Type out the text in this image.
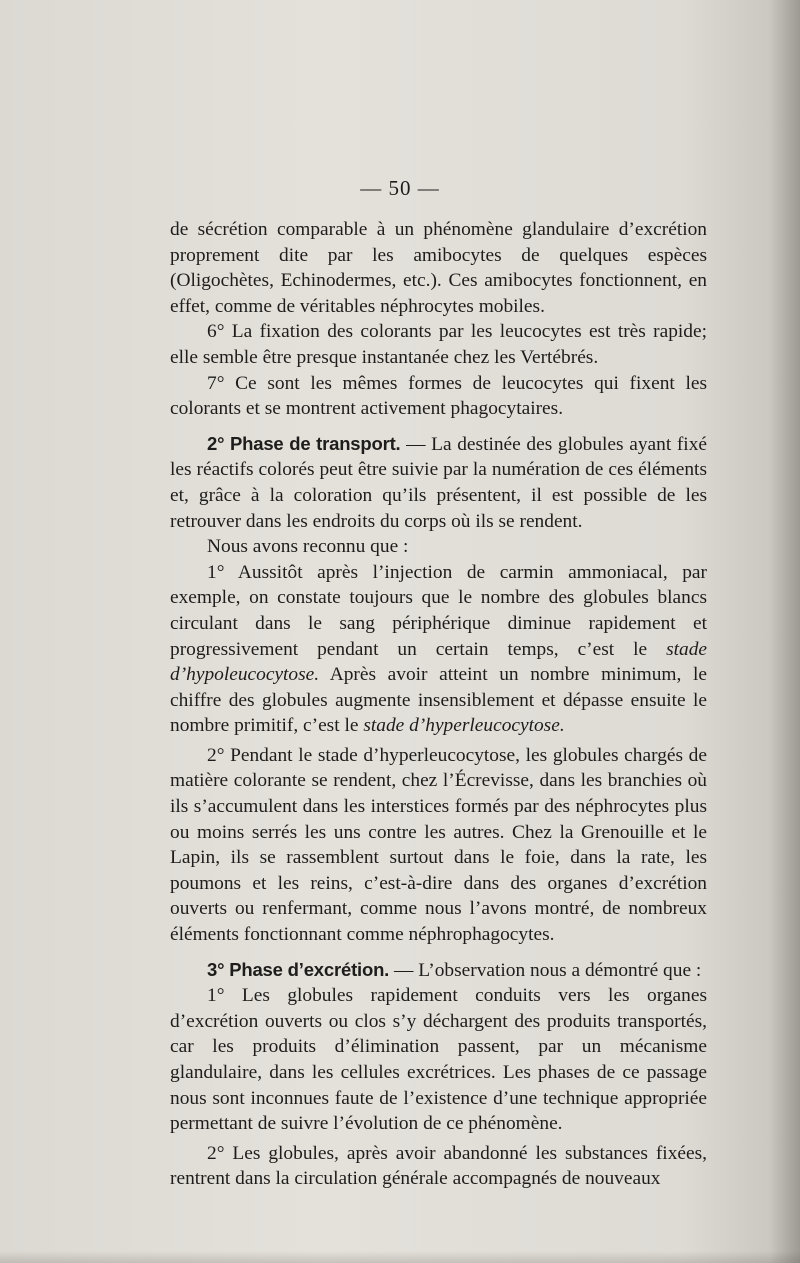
— 50 —

de sécrétion comparable à un phénomène glandulaire d’excrétion proprement dite par les amibocytes de quelques espèces (Oligochètes, Echinodermes, etc.). Ces amibocytes fonctionnent, en effet, comme de véritables néphrocytes mobiles.

6° La fixation des colorants par les leucocytes est très rapide; elle semble être presque instantanée chez les Vertébrés.

7° Ce sont les mêmes formes de leucocytes qui fixent les colorants et se montrent activement phagocytaires.

2° Phase de transport. — La destinée des globules ayant fixé les réactifs colorés peut être suivie par la numération de ces éléments et, grâce à la coloration qu’ils présentent, il est possible de les retrouver dans les endroits du corps où ils se rendent.

Nous avons reconnu que :

1° Aussitôt après l’injection de carmin ammoniacal, par exemple, on constate toujours que le nombre des globules blancs circulant dans le sang périphérique diminue rapidement et progressivement pendant un certain temps, c’est le stade d’hypoleucocytose. Après avoir atteint un nombre minimum, le chiffre des globules augmente insensiblement et dépasse ensuite le nombre primitif, c’est le stade d’hyperleucocytose.

2° Pendant le stade d’hyperleucocytose, les globules chargés de matière colorante se rendent, chez l’Écrevisse, dans les branchies où ils s’accumulent dans les interstices formés par des néphrocytes plus ou moins serrés les uns contre les autres. Chez la Grenouille et le Lapin, ils se rassemblent surtout dans le foie, dans la rate, les poumons et les reins, c’est-à-dire dans des organes d’excrétion ouverts ou renfermant, comme nous l’avons montré, de nombreux éléments fonctionnant comme néphrophagocytes.

3° Phase d’excrétion. — L’observation nous a démontré que :

1° Les globules rapidement conduits vers les organes d’excrétion ouverts ou clos s’y déchargent des produits transportés, car les produits d’élimination passent, par un mécanisme glandulaire, dans les cellules excrétrices. Les phases de ce passage nous sont inconnues faute de l’existence d’une technique appropriée permettant de suivre l’évolution de ce phénomène.

2° Les globules, après avoir abandonné les substances fixées, rentrent dans la circulation générale accompagnés de nouveaux
